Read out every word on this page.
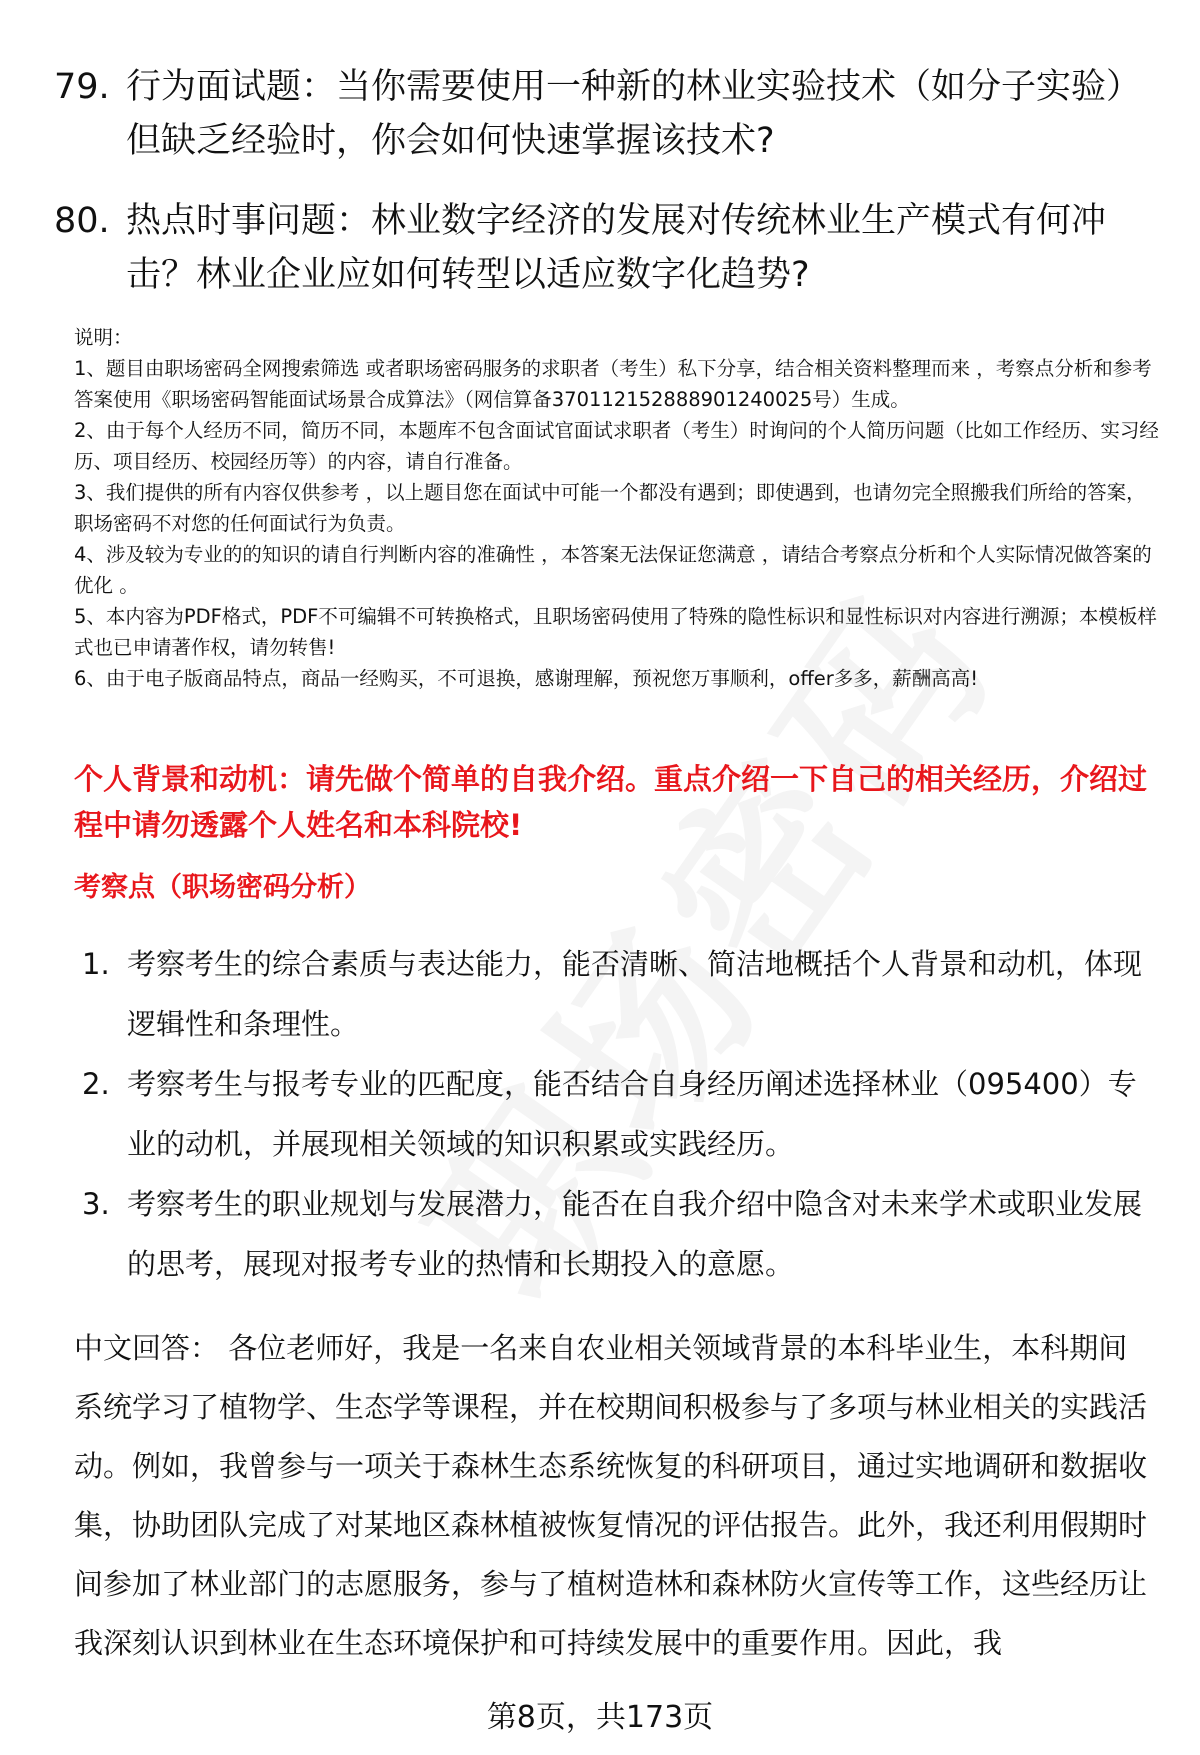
79. 行为面试题：当你需要使用一种新的林业实验技术（如分子实验）但缺乏经验时，你会如何快速掌握该技术?
80. 热点时事问题：林业数字经济的发展对传统林业生产模式有何冲击？林业企业应如何转型以适应数字化趋势?

说明：

1、题目由职场密码全网搜索筛选 或者职场密码服务的求职者（考生）私下分享，结合相关资料整理而来 ，考察点分析和参考答案使用《职场密码智能面试场景合成算法》（网信算备370112152888901240025号）生成。

2、由于每个人经历不同，简历不同，本题库不包含面试官面试求职者（考生）时询问的个人简历问题（比如工作经历、实习经历、项目经历、校园经历等）的内容，请自行准备。

3、我们提供的所有内容仅供参考 ，以上题目您在面试中可能一个都没有遇到；即使遇到，也请勿完全照搬我们所给的答案，职场密码不对您的任何面试行为负责。

4、涉及较为专业的的知识的请自行判断内容的准确性 ，本答案无法保证您满意 ，请结合考察点分析和个人实际情况做答案的优化 。

5、本内容为PDF格式，PDF不可编辑不可转换格式，且职场密码使用了特殊的隐性标识和显性标识对内容进行溯源；本模板样式也已申请著作权，请勿转售!

6、由于电子版商品特点，商品一经购买，不可退换，感谢理解，预祝您万事顺利，offer多多，薪酬高高!

个人背景和动机：请先做个简单的自我介绍。重点介绍一下自己的相关经历，介绍过程中请勿透露个人姓名和本科院校!
考察点（职场密码分析）
1. 考察考生的综合素质与表达能力，能否清晰、简洁地概括个人背景和动机，体现逻辑性和条理性。
2. 考察考生与报考专业的匹配度，能否结合自身经历阐述选择林业（095400）专业的动机，并展现相关领域的知识积累或实践经历。
3. 考察考生的职业规划与发展潜力，能否在自我介绍中隐含对未来学术或职业发展的思考，展现对报考专业的热情和长期投入的意愿。

中文回答： 各位老师好，我是一名来自农业相关领域背景的本科毕业生，本科期间系统学习了植物学、生态学等课程，并在校期间积极参与了多项与林业相关的实践活动。例如，我曾参与一项关于森林生态系统恢复的科研项目，通过实地调研和数据收集，协助团队完成了对某地区森林植被恢复情况的评估报告。此外，我还利用假期时间参加了林业部门的志愿服务，参与了植树造林和森林防火宣传等工作，这些经历让我深刻认识到林业在生态环境保护和可持续发展中的重要作用。因此，我

第8页，共173页
